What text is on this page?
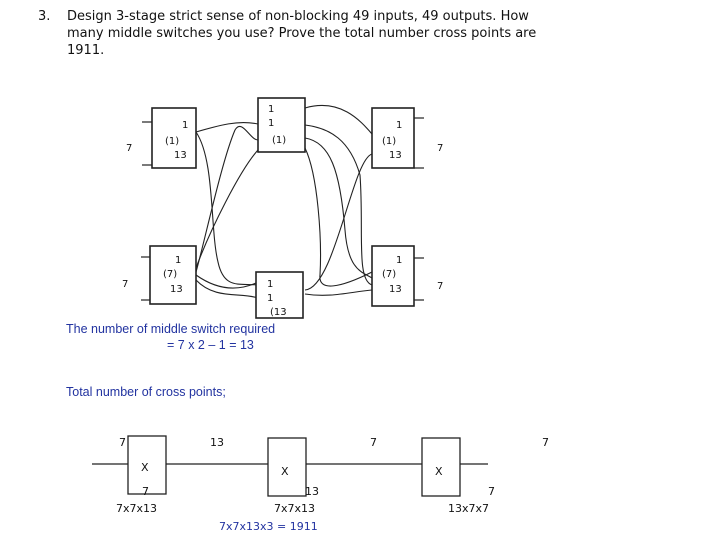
3. Design 3-stage strict sense of non-blocking 49 inputs, 49 outputs. How
many middle switches you use? Prove the total number cross points are
1911.
1
(1)
13
1
1
(1)
1
(1)
13
1
(7)
13	1
1
(13
1
(7)
13
7	7
7	7
X	X	X
7	13	7	7
7	13	7
7x7x13	7x7x13	13x7x7
7x7x13x3 = 1911
The number of middle switch required
= 7 x 2 – 1 = 13
Total number of cross points;
